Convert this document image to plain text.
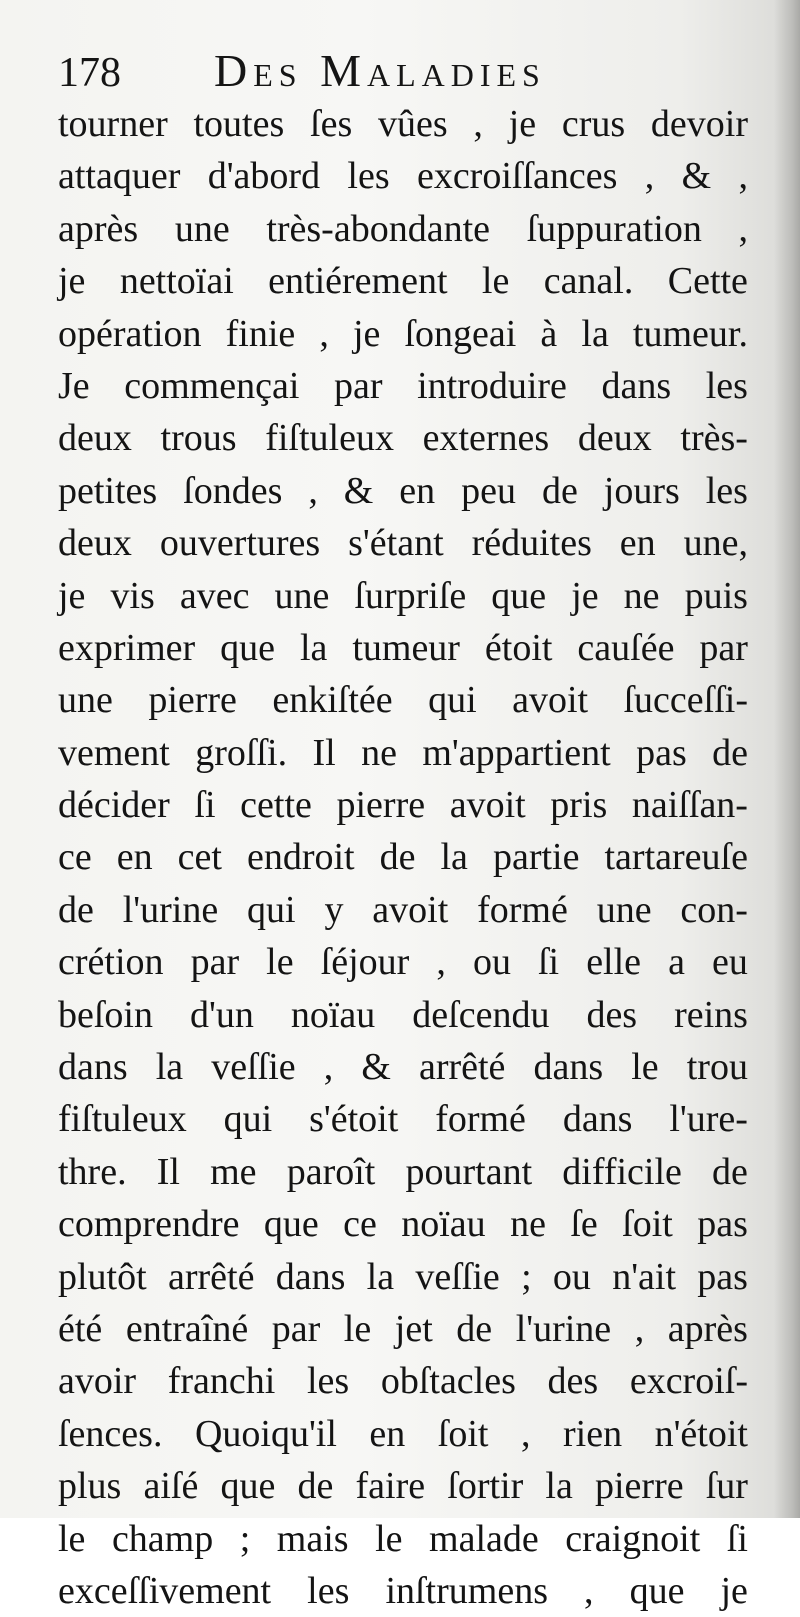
178 Des Maladies
tourner toutes ſes vûes , je crus devoir
attaquer d'abord les excroiſſances , & ,
après une très-abondante ſuppuration ,
je nettoïai entiérement le canal. Cette
opération finie , je ſongeai à la tumeur.
Je commençai par introduire dans les
deux trous fiſtuleux externes deux très-
petites ſondes , & en peu de jours les
deux ouvertures s'étant réduites en une,
je vis avec une ſurpriſe que je ne puis
exprimer que la tumeur étoit cauſée par
une pierre enkiſtée qui avoit ſucceſſi-
vement groſſi. Il ne m'appartient pas de
décider ſi cette pierre avoit pris naiſſan-
ce en cet endroit de la partie tartareuſe
de l'urine qui y avoit formé une con-
crétion par le ſéjour , ou ſi elle a eu
beſoin d'un noïau deſcendu des reins
dans la veſſie , & arrêté dans le trou
fiſtuleux qui s'étoit formé dans l'ure-
thre. Il me paroît pourtant difficile de
comprendre que ce noïau ne ſe ſoit pas
plutôt arrêté dans la veſſie ; ou n'ait pas
été entraîné par le jet de l'urine , après
avoir franchi les obſtacles des excroiſ-
ſences. Quoiqu'il en ſoit , rien n'étoit
plus aiſé que de faire ſortir la pierre ſur
le champ ; mais le malade craignoit ſi
exceſſivement les inſtrumens , que je
